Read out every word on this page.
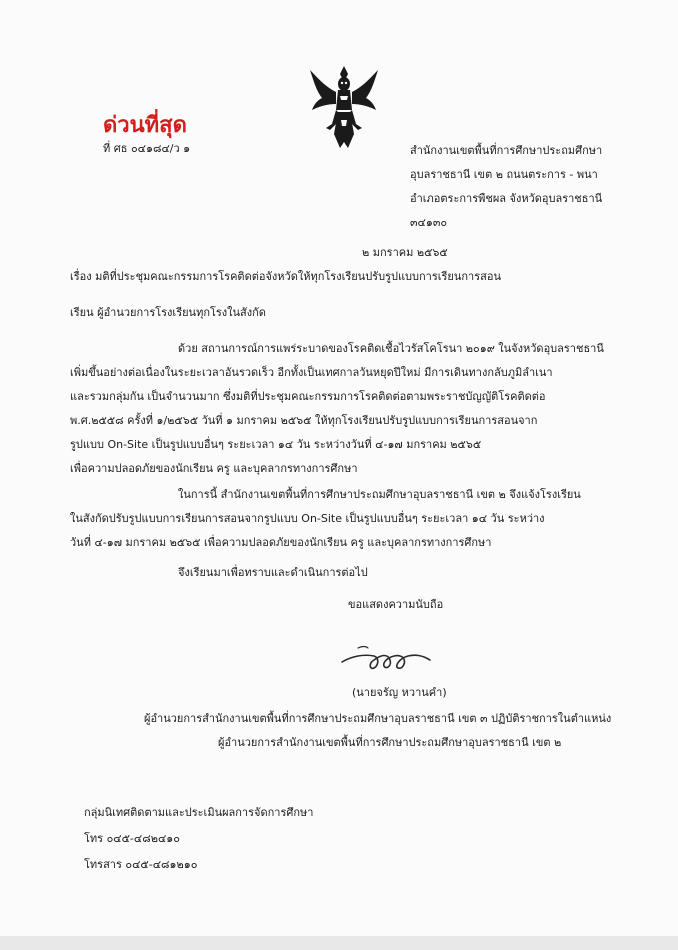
ด่วนที่สุด
ที่ ศธ ๐๔๑๘๔/ว ๑	สำนักงานเขตพื้นที่การศึกษาประถมศึกษา
อุบลราชธานี เขต ๒ ถนนตระการ - พนา
อำเภอตระการพืชผล จังหวัดอุบลราชธานี
๓๔๑๓๐
๒ มกราคม ๒๕๖๕
เรื่อง มติที่ประชุมคณะกรรมการโรคติดต่อจังหวัดให้ทุกโรงเรียนปรับรูปแบบการเรียนการสอน
เรียน ผู้อำนวยการโรงเรียนทุกโรงในสังกัด
ด้วย สถานการณ์การแพร่ระบาดของโรคติดเชื้อไวรัสโคโรนา ๒๐๑๙ ในจังหวัดอุบลราชธานี
เพิ่มขึ้นอย่างต่อเนื่องในระยะเวลาอันรวดเร็ว อีกทั้งเป็นเทศกาลวันหยุดปีใหม่ มีการเดินทางกลับภูมิลำเนา
และรวมกลุ่มกัน เป็นจำนวนมาก ซึ่งมติที่ประชุมคณะกรรมการโรคติดต่อตามพระราชบัญญัติโรคติดต่อ
พ.ศ.๒๕๕๘ ครั้งที่ ๑/๒๕๖๕ วันที่ ๑ มกราคม ๒๕๖๕ ให้ทุกโรงเรียนปรับรูปแบบการเรียนการสอนจาก
รูปแบบ On-Site เป็นรูปแบบอื่นๆ ระยะเวลา ๑๔ วัน ระหว่างวันที่ ๔-๑๗ มกราคม ๒๕๖๕
เพื่อความปลอดภัยของนักเรียน ครู และบุคลากรทางการศึกษา
ในการนี้ สำนักงานเขตพื้นที่การศึกษาประถมศึกษาอุบลราชธานี เขต ๒ จึงแจ้งโรงเรียน
ในสังกัดปรับรูปแบบการเรียนการสอนจากรูปแบบ On-Site เป็นรูปแบบอื่นๆ ระยะเวลา ๑๔ วัน ระหว่าง
วันที่ ๔-๑๗ มกราคม ๒๕๖๕ เพื่อความปลอดภัยของนักเรียน ครู และบุคลากรทางการศึกษา
จึงเรียนมาเพื่อทราบและดำเนินการต่อไป
ขอแสดงความนับถือ
(นายจรัญ หวานคำ)
ผู้อำนวยการสำนักงานเขตพื้นที่การศึกษาประถมศึกษาอุบลราชธานี เขต ๓ ปฏิบัติราชการในตำแหน่ง
ผู้อำนวยการสำนักงานเขตพื้นที่การศึกษาประถมศึกษาอุบลราชธานี เขต ๒
กลุ่มนิเทศติดตามและประเมินผลการจัดการศึกษา
โทร ๐๔๕-๔๘๒๔๑๐
โทรสาร ๐๔๕-๔๘๑๒๑๐
